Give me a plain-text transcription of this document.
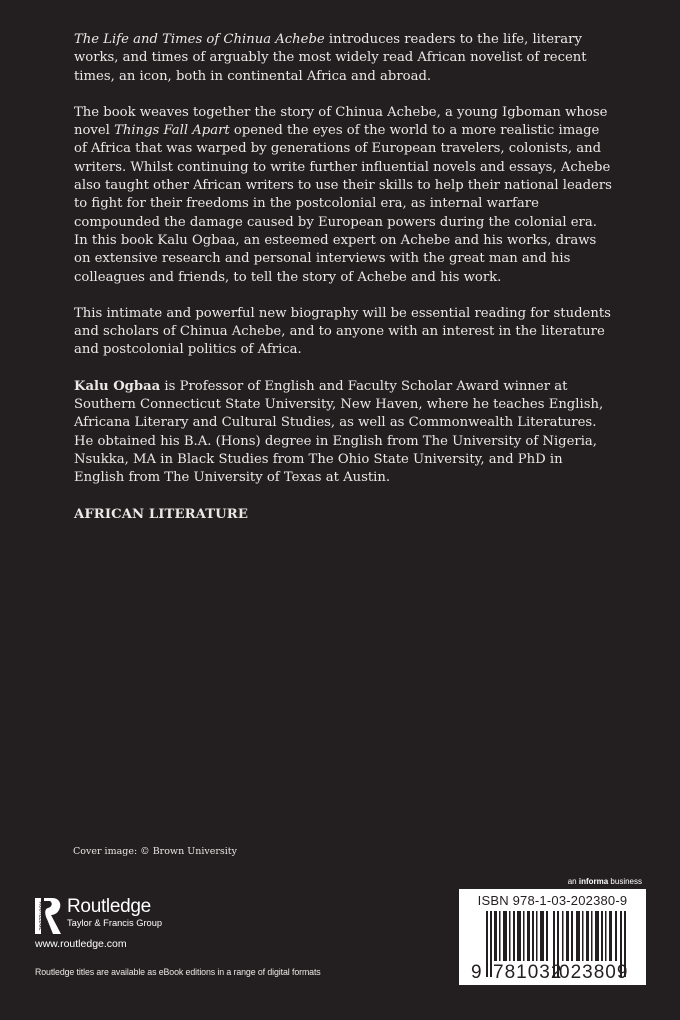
The Life and Times of Chinua Achebe introduces readers to the life, literary works, and times of arguably the most widely read African novelist of recent times, an icon, both in continental Africa and abroad.

The book weaves together the story of Chinua Achebe, a young Igboman whose novel Things Fall Apart opened the eyes of the world to a more realistic image of Africa that was warped by generations of European travelers, colonists, and writers. Whilst continuing to write further influential novels and essays, Achebe also taught other African writers to use their skills to help their national leaders to fight for their freedoms in the postcolonial era, as internal warfare compounded the damage caused by European powers during the colonial era. In this book Kalu Ogbaa, an esteemed expert on Achebe and his works, draws on extensive research and personal interviews with the great man and his colleagues and friends, to tell the story of Achebe and his work.

This intimate and powerful new biography will be essential reading for students and scholars of Chinua Achebe, and to anyone with an interest in the literature and postcolonial politics of Africa.

Kalu Ogbaa is Professor of English and Faculty Scholar Award winner at Southern Connecticut State University, New Haven, where he teaches English, Africana Literary and Cultural Studies, as well as Commonwealth Literatures. He obtained his B.A. (Hons) degree in English from The University of Nigeria, Nsukka, MA in Black Studies from The Ohio State University, and PhD in English from The University of Texas at Austin.

AFRICAN LITERATURE

Cover image: © Brown University
ROUTLEDGE Routledge
Taylor & Francis Group
www.routledge.com
Routledge titles are available as eBook editions in a range of digital formats
an informa business
ISBN 978-1-03-202380-9
9 781032
023809
